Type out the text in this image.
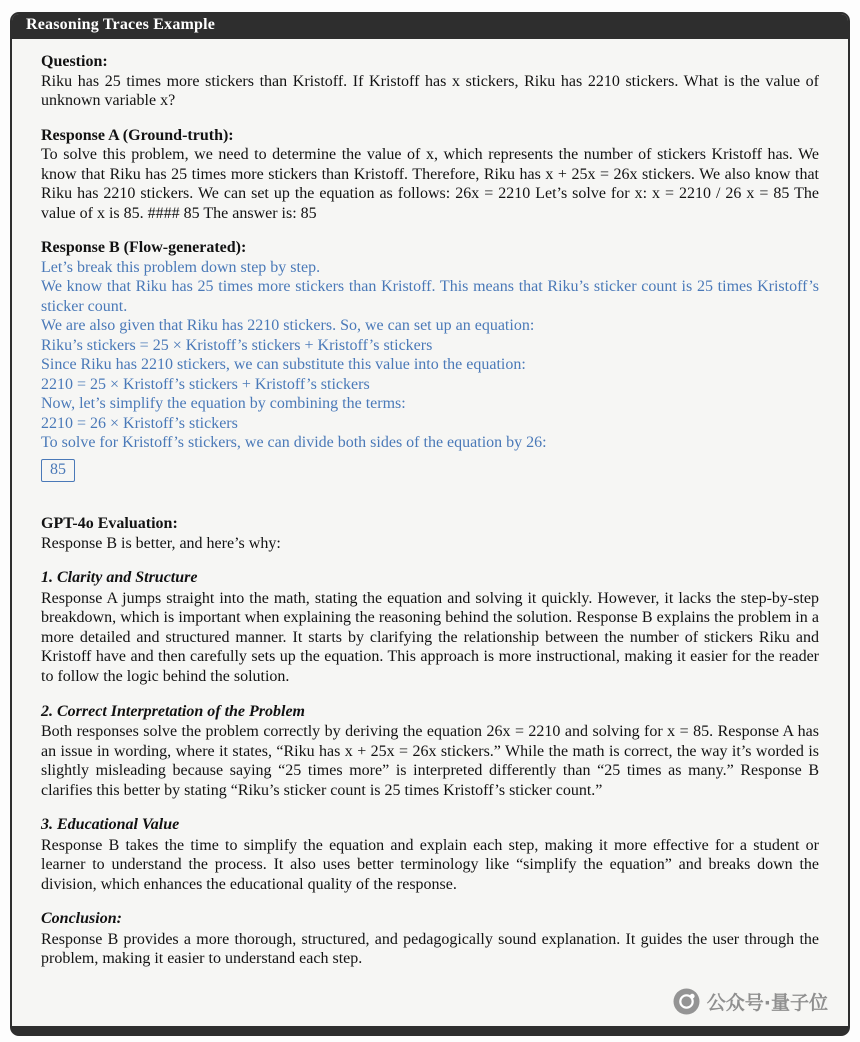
Reasoning Traces Example
Question:
Riku has 25 times more stickers than Kristoff. If Kristoff has x stickers, Riku has 2210 stickers. What is the value of unknown variable x?
Response A (Ground-truth):
To solve this problem, we need to determine the value of x, which represents the number of stickers Kristoff has. We know that Riku has 25 times more stickers than Kristoff. Therefore, Riku has x + 25x = 26x stickers. We also know that Riku has 2210 stickers. We can set up the equation as follows: 26x = 2210 Let’s solve for x: x = 2210 / 26 x = 85 The value of x is 85. #### 85 The answer is: 85
Response B (Flow-generated):
Let’s break this problem down step by step.
We know that Riku has 25 times more stickers than Kristoff. This means that Riku’s sticker count is 25 times Kristoff’s sticker count.
We are also given that Riku has 2210 stickers. So, we can set up an equation:
Riku’s stickers = 25 × Kristoff’s stickers + Kristoff’s stickers
Since Riku has 2210 stickers, we can substitute this value into the equation:
2210 = 25 × Kristoff’s stickers + Kristoff’s stickers
Now, let’s simplify the equation by combining the terms:
2210 = 26 × Kristoff’s stickers
To solve for Kristoff’s stickers, we can divide both sides of the equation by 26:
85
GPT-4o Evaluation:
Response B is better, and here’s why:
1. Clarity and Structure
Response A jumps straight into the math, stating the equation and solving it quickly. However, it lacks the step-by-step breakdown, which is important when explaining the reasoning behind the solution. Response B explains the problem in a more detailed and structured manner. It starts by clarifying the relationship between the number of stickers Riku and Kristoff have and then carefully sets up the equation. This approach is more instructional, making it easier for the reader to follow the logic behind the solution.
2. Correct Interpretation of the Problem
Both responses solve the problem correctly by deriving the equation 26x = 2210 and solving for x = 85. Response A has an issue in wording, where it states, “Riku has x + 25x = 26x stickers.” While the math is correct, the way it’s worded is slightly misleading because saying “25 times more” is interpreted differently than “25 times as many.” Response B clarifies this better by stating “Riku’s sticker count is 25 times Kristoff’s sticker count.”
3. Educational Value
Response B takes the time to simplify the equation and explain each step, making it more effective for a student or learner to understand the process. It also uses better terminology like “simplify the equation” and breaks down the division, which enhances the educational quality of the response.
Conclusion:
Response B provides a more thorough, structured, and pedagogically sound explanation. It guides the user through the problem, making it easier to understand each step.
公众号·量子位
